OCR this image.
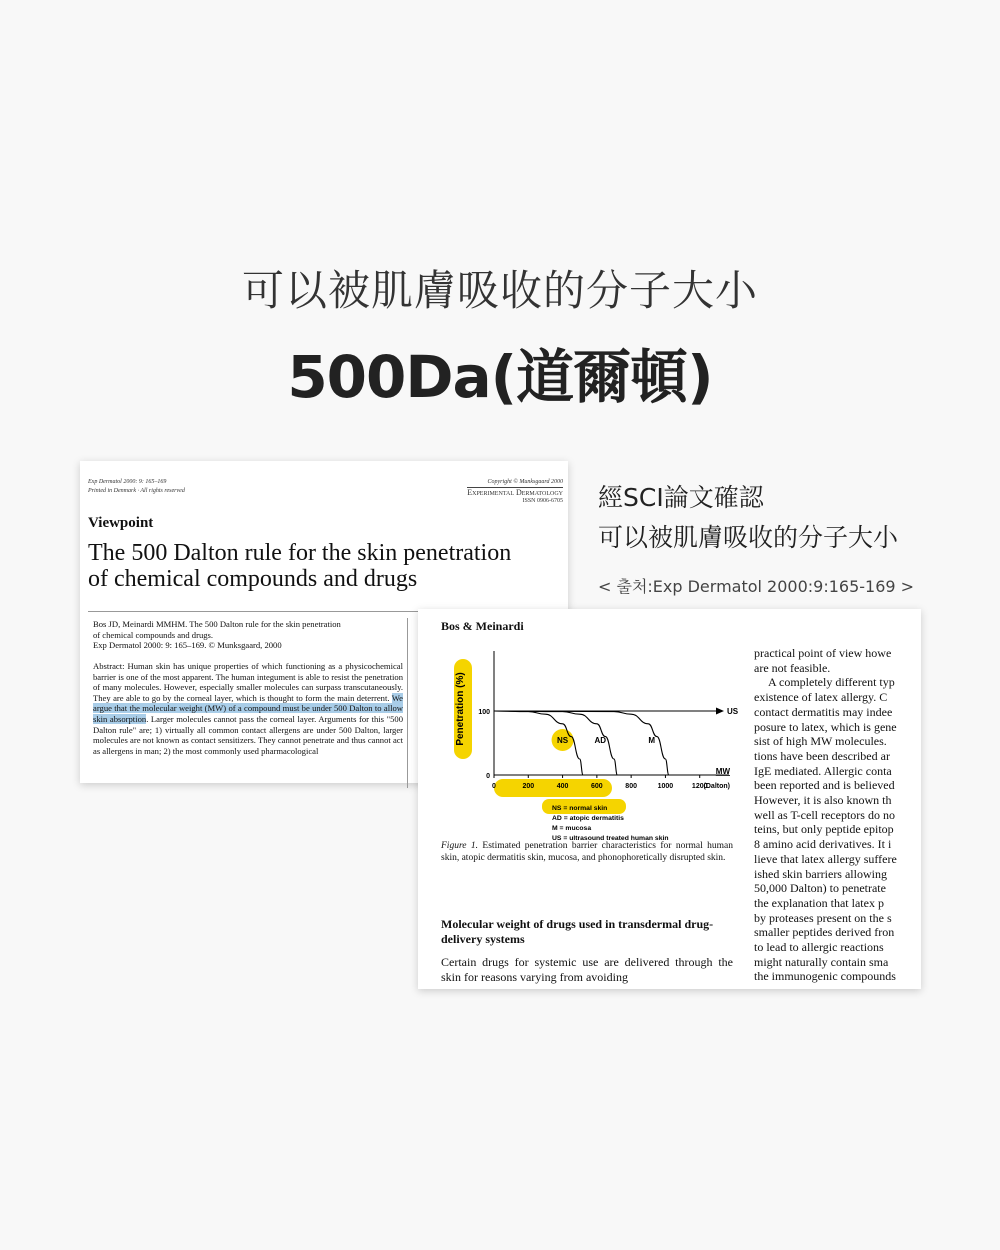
可以被肌膚吸收的分子大小
500Da(道爾頓)
Exp Dermatol 2000: 9: 165–169
Printed in Denmark · All rights reserved
Copyright © Munksgaard 2000
Experimental Dermatology
ISSN 0906-6705
Viewpoint
The 500 Dalton rule for the skin penetration
of chemical compounds and drugs
Bos JD, Meinardi MMHM. The 500 Dalton rule for the skin penetration
of chemical compounds and drugs.
Exp Dermatol 2000: 9: 165–169. © Munksgaard, 2000
Abstract: Human skin has unique properties of which functioning as a physicochemical barrier is one of the most apparent. The human integument is able to resist the penetration of many molecules. However, especially smaller molecules can surpass transcutaneously. They are able to go by the corneal layer, which is thought to form the main deterrent. We argue that the molecular weight (MW) of a compound must be under 500 Dalton to allow skin absorption. Larger molecules cannot pass the corneal layer. Arguments for this "500 Dalton rule" are; 1) virtually all common contact allergens are under 500 Dalton, larger molecules are not known as contact sensitizers. They cannot penetrate and thus cannot act as allergens in man; 2) the most commonly used pharmacological
Bos & Meinardi
Penetration (%)	NS	AD	M
US
MW
(Dalton)
0	200	400	600	800	1000	1200
0
100
NS = normal skin
AD = atopic dermatitis
M = mucosa
US = ultrasound treated human skin
Figure 1. Estimated penetration barrier characteristics for normal human skin, atopic dermatitis skin, mucosa, and phonophoretically disrupted skin.
Molecular weight of drugs used in transdermal drug-delivery systems
Certain drugs for systemic use are delivered through the skin for reasons varying from avoiding
practical point of view howe
are not feasible.
A completely different typ
existence of latex allergy. C
contact dermatitis may indee
posure to latex, which is gene
sist of high MW molecules.
tions have been described ar
IgE mediated. Allergic conta
been reported and is believed
However, it is also known th
well as T-cell receptors do no
teins, but only peptide epitop
8 amino acid derivatives. It i
lieve that latex allergy suffere
ished skin barriers allowing
50,000 Dalton) to penetrate
the explanation that latex p
by proteases present on the s
smaller peptides derived fron
to lead to allergic reactions
might naturally contain sma
the immunogenic compounds
經SCI論文確認
可以被肌膚吸收的分子大小
< 출처:Exp Dermatol 2000:9:165-169 >
